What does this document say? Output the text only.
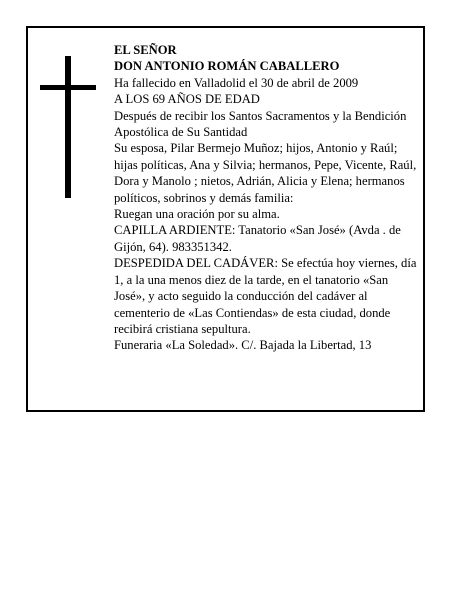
EL SEÑOR

DON ANTONIO ROMÁN CABALLERO

Ha fallecido en Valladolid el 30 de abril de 2009

A LOS 69 AÑOS DE EDAD

Después de recibir los Santos Sacramentos y la Bendición Apostólica de Su Santidad

Su esposa, Pilar Bermejo Muñoz; hijos, Antonio y Raúl; hijas políticas, Ana y Silvia; hermanos, Pepe, Vicente, Raúl, Dora y Manolo ; nietos, Adrián, Alicia y Elena; hermanos políticos, sobrinos y demás familia:

Ruegan una oración por su alma.

CAPILLA ARDIENTE: Tanatorio «San José» (Avda . de Gijón, 64). 983351342.

DESPEDIDA DEL CADÁVER: Se efectúa hoy viernes, día 1, a la una menos diez de la tarde, en el tanatorio «San José», y acto seguido la conducción del cadáver al cementerio de «Las Contiendas» de esta ciudad, donde recibirá cristiana sepultura.

Funeraria «La Soledad». C/. Bajada la Libertad, 13
